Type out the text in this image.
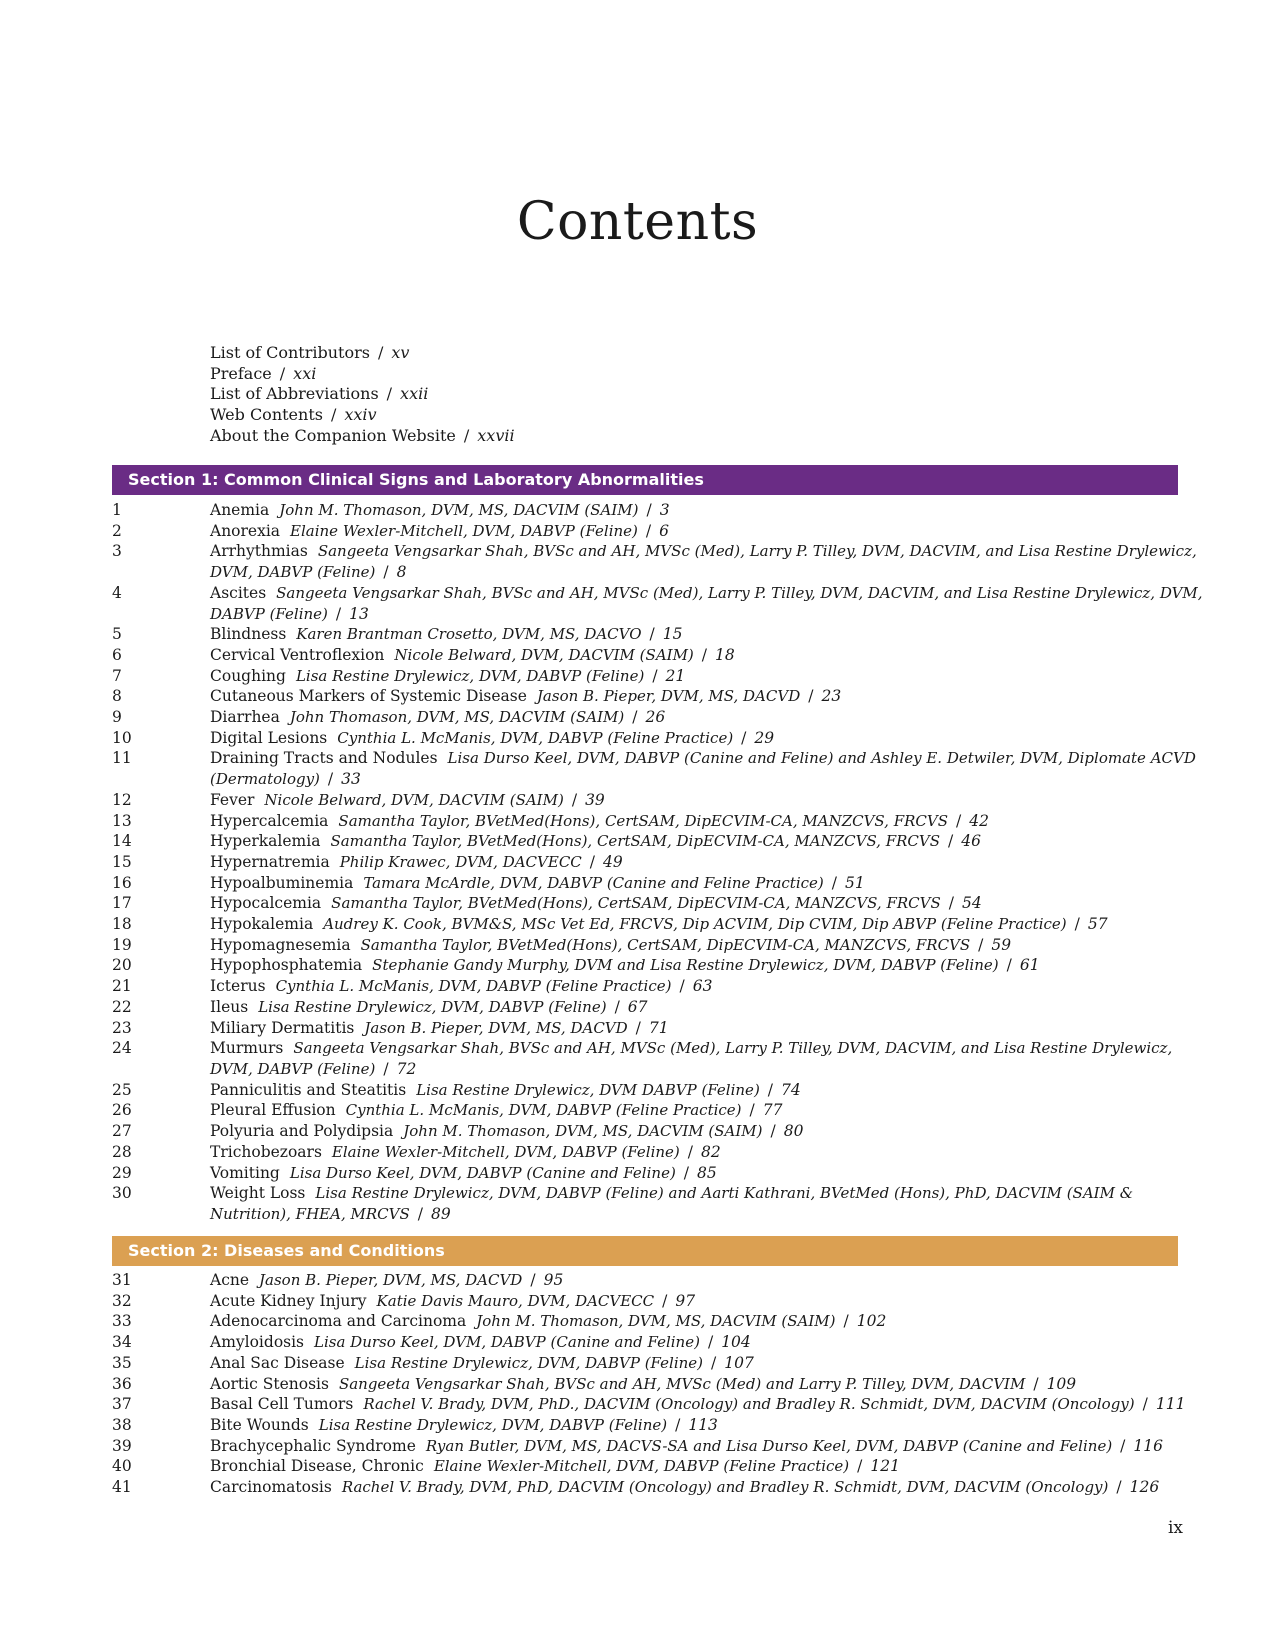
Contents
List of Contributors / xv
Preface / xxi
List of Abbreviations / xxii
Web Contents / xxiv
About the Companion Website / xxvii
Section 1: Common Clinical Signs and Laboratory Abnormalities
1	Anemia John M. Thomason, DVM, MS, DACVIM (SAIM) / 3
2	Anorexia Elaine Wexler-Mitchell, DVM, DABVP (Feline) / 6
3	Arrhythmias Sangeeta Vengsarkar Shah, BVSc and AH, MVSc (Med), Larry P. Tilley, DVM, DACVIM, and Lisa Restine Drylewicz, DVM, DABVP (Feline) / 8
4	Ascites Sangeeta Vengsarkar Shah, BVSc and AH, MVSc (Med), Larry P. Tilley, DVM, DACVIM, and Lisa Restine Drylewicz, DVM, DABVP (Feline) / 13
5	Blindness Karen Brantman Crosetto, DVM, MS, DACVO / 15
6	Cervical Ventroflexion Nicole Belward, DVM, DACVIM (SAIM) / 18
7	Coughing Lisa Restine Drylewicz, DVM, DABVP (Feline) / 21
8	Cutaneous Markers of Systemic Disease Jason B. Pieper, DVM, MS, DACVD / 23
9	Diarrhea John Thomason, DVM, MS, DACVIM (SAIM) / 26
10	Digital Lesions Cynthia L. McManis, DVM, DABVP (Feline Practice) / 29
11	Draining Tracts and Nodules Lisa Durso Keel, DVM, DABVP (Canine and Feline) and Ashley E. Detwiler, DVM, Diplomate ACVD (Dermatology) / 33
12	Fever Nicole Belward, DVM, DACVIM (SAIM) / 39
13	Hypercalcemia Samantha Taylor, BVetMed(Hons), CertSAM, DipECVIM-CA, MANZCVS, FRCVS / 42
14	Hyperkalemia Samantha Taylor, BVetMed(Hons), CertSAM, DipECVIM-CA, MANZCVS, FRCVS / 46
15	Hypernatremia Philip Krawec, DVM, DACVECC / 49
16	Hypoalbuminemia Tamara McArdle, DVM, DABVP (Canine and Feline Practice) / 51
17	Hypocalcemia Samantha Taylor, BVetMed(Hons), CertSAM, DipECVIM-CA, MANZCVS, FRCVS / 54
18	Hypokalemia Audrey K. Cook, BVM&S, MSc Vet Ed, FRCVS, Dip ACVIM, Dip CVIM, Dip ABVP (Feline Practice) / 57
19	Hypomagnesemia Samantha Taylor, BVetMed(Hons), CertSAM, DipECVIM-CA, MANZCVS, FRCVS / 59
20	Hypophosphatemia Stephanie Gandy Murphy, DVM and Lisa Restine Drylewicz, DVM, DABVP (Feline) / 61
21	Icterus Cynthia L. McManis, DVM, DABVP (Feline Practice) / 63
22	Ileus Lisa Restine Drylewicz, DVM, DABVP (Feline) / 67
23	Miliary Dermatitis Jason B. Pieper, DVM, MS, DACVD / 71
24	Murmurs Sangeeta Vengsarkar Shah, BVSc and AH, MVSc (Med), Larry P. Tilley, DVM, DACVIM, and Lisa Restine Drylewicz, DVM, DABVP (Feline) / 72
25	Panniculitis and Steatitis Lisa Restine Drylewicz, DVM DABVP (Feline) / 74
26	Pleural Effusion Cynthia L. McManis, DVM, DABVP (Feline Practice) / 77
27	Polyuria and Polydipsia John M. Thomason, DVM, MS, DACVIM (SAIM) / 80
28	Trichobezoars Elaine Wexler-Mitchell, DVM, DABVP (Feline) / 82
29	Vomiting Lisa Durso Keel, DVM, DABVP (Canine and Feline) / 85
30	Weight Loss Lisa Restine Drylewicz, DVM, DABVP (Feline) and Aarti Kathrani, BVetMed (Hons), PhD, DACVIM (SAIM & Nutrition), FHEA, MRCVS / 89
Section 2: Diseases and Conditions
31	Acne Jason B. Pieper, DVM, MS, DACVD / 95
32	Acute Kidney Injury Katie Davis Mauro, DVM, DACVECC / 97
33	Adenocarcinoma and Carcinoma John M. Thomason, DVM, MS, DACVIM (SAIM) / 102
34	Amyloidosis Lisa Durso Keel, DVM, DABVP (Canine and Feline) / 104
35	Anal Sac Disease Lisa Restine Drylewicz, DVM, DABVP (Feline) / 107
36	Aortic Stenosis Sangeeta Vengsarkar Shah, BVSc and AH, MVSc (Med) and Larry P. Tilley, DVM, DACVIM / 109
37	Basal Cell Tumors Rachel V. Brady, DVM, PhD., DACVIM (Oncology) and Bradley R. Schmidt, DVM, DACVIM (Oncology) / 111
38	Bite Wounds Lisa Restine Drylewicz, DVM, DABVP (Feline) / 113
39	Brachycephalic Syndrome Ryan Butler, DVM, MS, DACVS-SA and Lisa Durso Keel, DVM, DABVP (Canine and Feline) / 116
40	Bronchial Disease, Chronic Elaine Wexler-Mitchell, DVM, DABVP (Feline Practice) / 121
41	Carcinomatosis Rachel V. Brady, DVM, PhD, DACVIM (Oncology) and Bradley R. Schmidt, DVM, DACVIM (Oncology) / 126
ix
